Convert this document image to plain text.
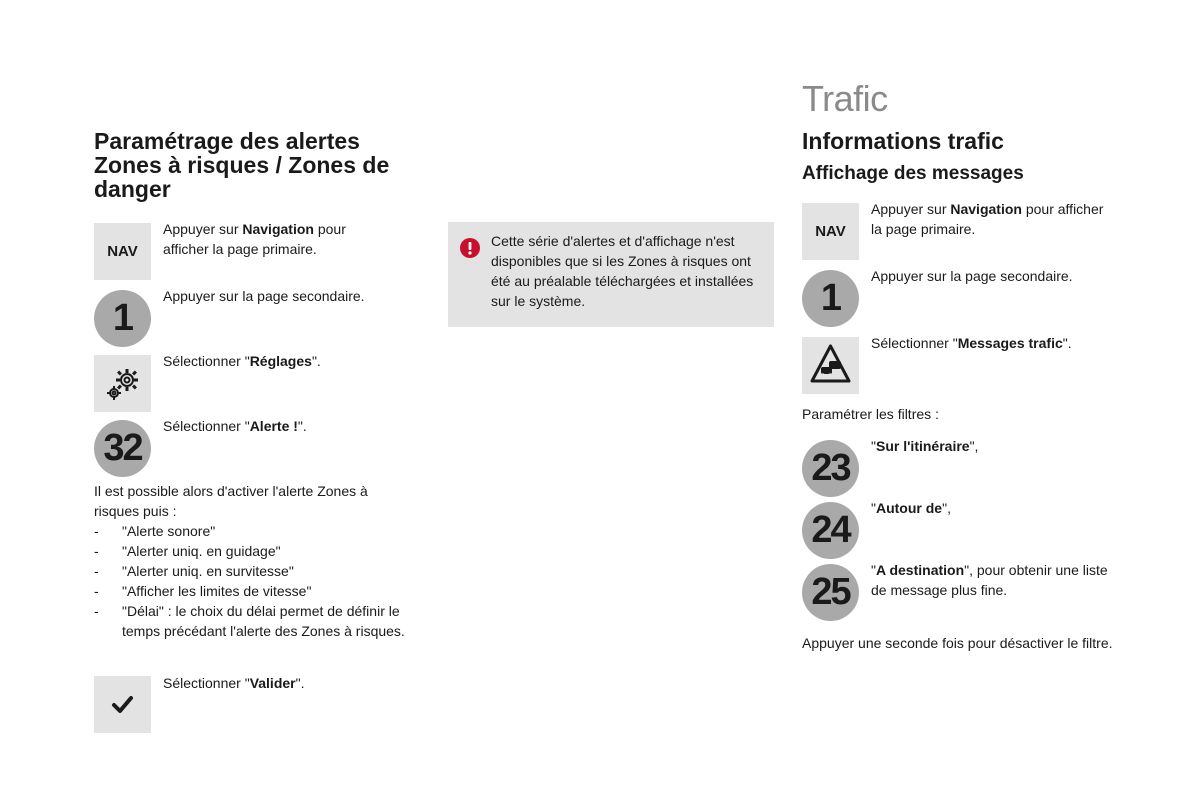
Paramétrage des alertes
Zones à risques / Zones de
danger
NAV
Appuyer sur Navigation pour afficher la page primaire.
1
Appuyer sur la page secondaire.
Sélectionner "Réglages".
32
Sélectionner "Alerte !".
Il est possible alors d'activer l'alerte Zones à risques puis :
- "Alerte sonore"
- "Alerter uniq. en guidage"
- "Alerter uniq. en survitesse"
- "Afficher les limites de vitesse"
- "Délai" : le choix du délai permet de définir le temps précédant l'alerte des Zones à risques.
Sélectionner "Valider".
Cette série d'alertes et d'affichage n'est disponibles que si les Zones à risques ont été au préalable téléchargées et installées sur le système.
Trafic
Informations trafic
Affichage des messages
NAV
Appuyer sur Navigation pour afficher la page primaire.
1
Appuyer sur la page secondaire.
Sélectionner "Messages trafic".
Paramétrer les filtres :
23
"Sur l'itinéraire",
24
"Autour de",
25
"A destination", pour obtenir une liste de message plus fine.
Appuyer une seconde fois pour désactiver le filtre.
